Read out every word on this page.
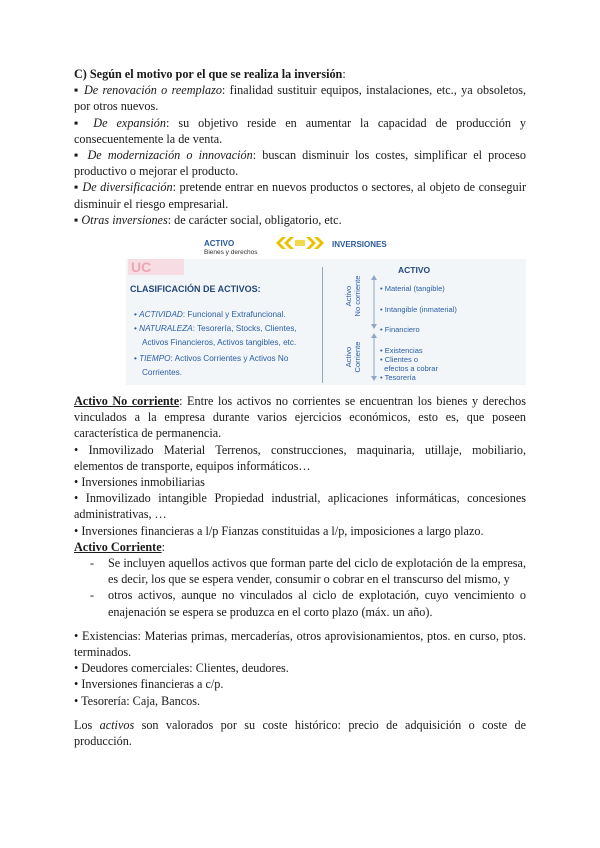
C) Según el motivo por el que se realiza la inversión:

▪ De renovación o reemplazo: finalidad sustituir equipos, instalaciones, etc., ya obsoletos, por otros nuevos.

▪ De expansión: su objetivo reside en aumentar la capacidad de producción y consecuentemente la de venta.

▪ De modernización o innovación: buscan disminuir los costes, simplificar el proceso productivo o mejorar el producto.

▪ De diversificación: pretende entrar en nuevos productos o sectores, al objeto de conseguir disminuir el riesgo empresarial.

▪ Otras inversiones: de carácter social, obligatorio, etc.

ACTIVO
Bienes y derechos
INVERSIONES
UC
CLASIFICACIÓN DE ACTIVOS:
• ACTIVIDAD: Funcional y Extrafuncional.
• NATURALEZA: Tesorería, Stocks, Clientes,
Activos Financieros, Activos tangibles, etc.
• TIEMPO: Activos Corrientes y Activos No
Corrientes.
Activo No corriente
Activo Corriente
ACTIVO
• Material (tangible)
• Intangible (inmaterial)
• Financiero
• Existencias
• Clientes o
efectos a cobrar
• Tesorería

Activo No corriente: Entre los activos no corrientes se encuentran los bienes y derechos vinculados a la empresa durante varios ejercicios económicos, esto es, que poseen característica de permanencia.

• Inmovilizado Material Terrenos, construcciones, maquinaria, utillaje, mobiliario, elementos de transporte, equipos informáticos…

• Inversiones inmobiliarias

• Inmovilizado intangible Propiedad industrial, aplicaciones informáticas, concesiones administrativas, …

• Inversiones financieras a l/p Fianzas constituidas a l/p, imposiciones a largo plazo.

Activo Corriente:

- Se incluyen aquellos activos que forman parte del ciclo de explotación de la empresa, es decir, los que se espera vender, consumir o cobrar en el transcurso del mismo, y
- otros activos, aunque no vinculados al ciclo de explotación, cuyo vencimiento o enajenación se espera se produzca en el corto plazo (máx. un año).

• Existencias: Materias primas, mercaderías, otros aprovisionamientos, ptos. en curso, ptos. terminados.

• Deudores comerciales: Clientes, deudores.

• Inversiones financieras a c/p.

• Tesorería: Caja, Bancos.

Los activos son valorados por su coste histórico: precio de adquisición o coste de producción.
